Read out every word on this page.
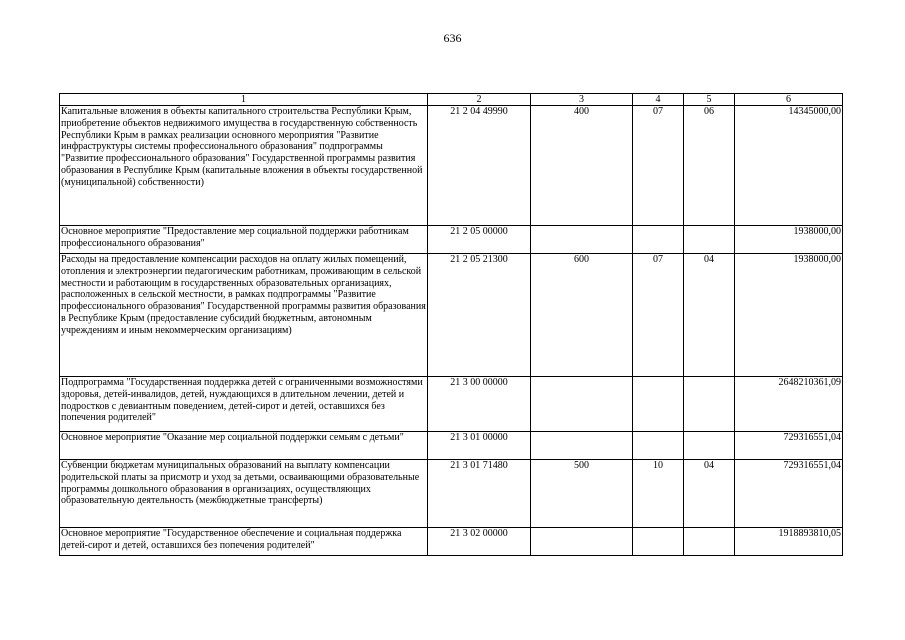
636
1	2	3	4	5	6
Капитальные вложения в объекты капитального строительства Республики Крым, приобретение объектов недвижимого имущества в государственную собственность Республики Крым в рамках реализации основного мероприятия "Развитие инфраструктуры системы профессионального образования" подпрограммы "Развитие профессионального образования" Государственной программы развития образования в Республике Крым (капитальные вложения в объекты государственной (муниципальной) собственности)	21 2 04 49990	400	07	06	14345000,00
Основное мероприятие "Предоставление мер социальной поддержки работникам профессионального образования"	21 2 05 00000				1938000,00
Расходы на предоставление компенсации расходов на оплату жилых помещений, отопления и электроэнергии педагогическим работникам, проживающим в сельской местности и работающим в государственных образовательных организациях, расположенных в сельской местности, в рамках подпрограммы "Развитие профессионального образования" Государственной программы развития образования в Республике Крым (предоставление субсидий бюджетным, автономным учреждениям и иным некоммерческим организациям)	21 2 05 21300	600	07	04	1938000,00
Подпрограмма "Государственная поддержка детей с ограниченными возможностями здоровья, детей-инвалидов, детей, нуждающихся в длительном лечении, детей и подростков с девиантным поведением, детей-сирот и детей, оставшихся без попечения родителей"	21 3 00 00000				2648210361,09
Основное мероприятие "Оказание мер социальной поддержки семьям с детьми"	21 3 01 00000				729316551,04
Субвенции бюджетам муниципальных образований на выплату компенсации родительской платы за присмотр и уход за детьми, осваивающими образовательные программы дошкольного образования в организациях, осуществляющих образовательную деятельность (межбюджетные трансферты)	21 3 01 71480	500	10	04	729316551,04
Основное мероприятие "Государственное обеспечение и социальная поддержка детей-сирот и детей, оставшихся без попечения родителей"	21 3 02 00000				1918893810,05
